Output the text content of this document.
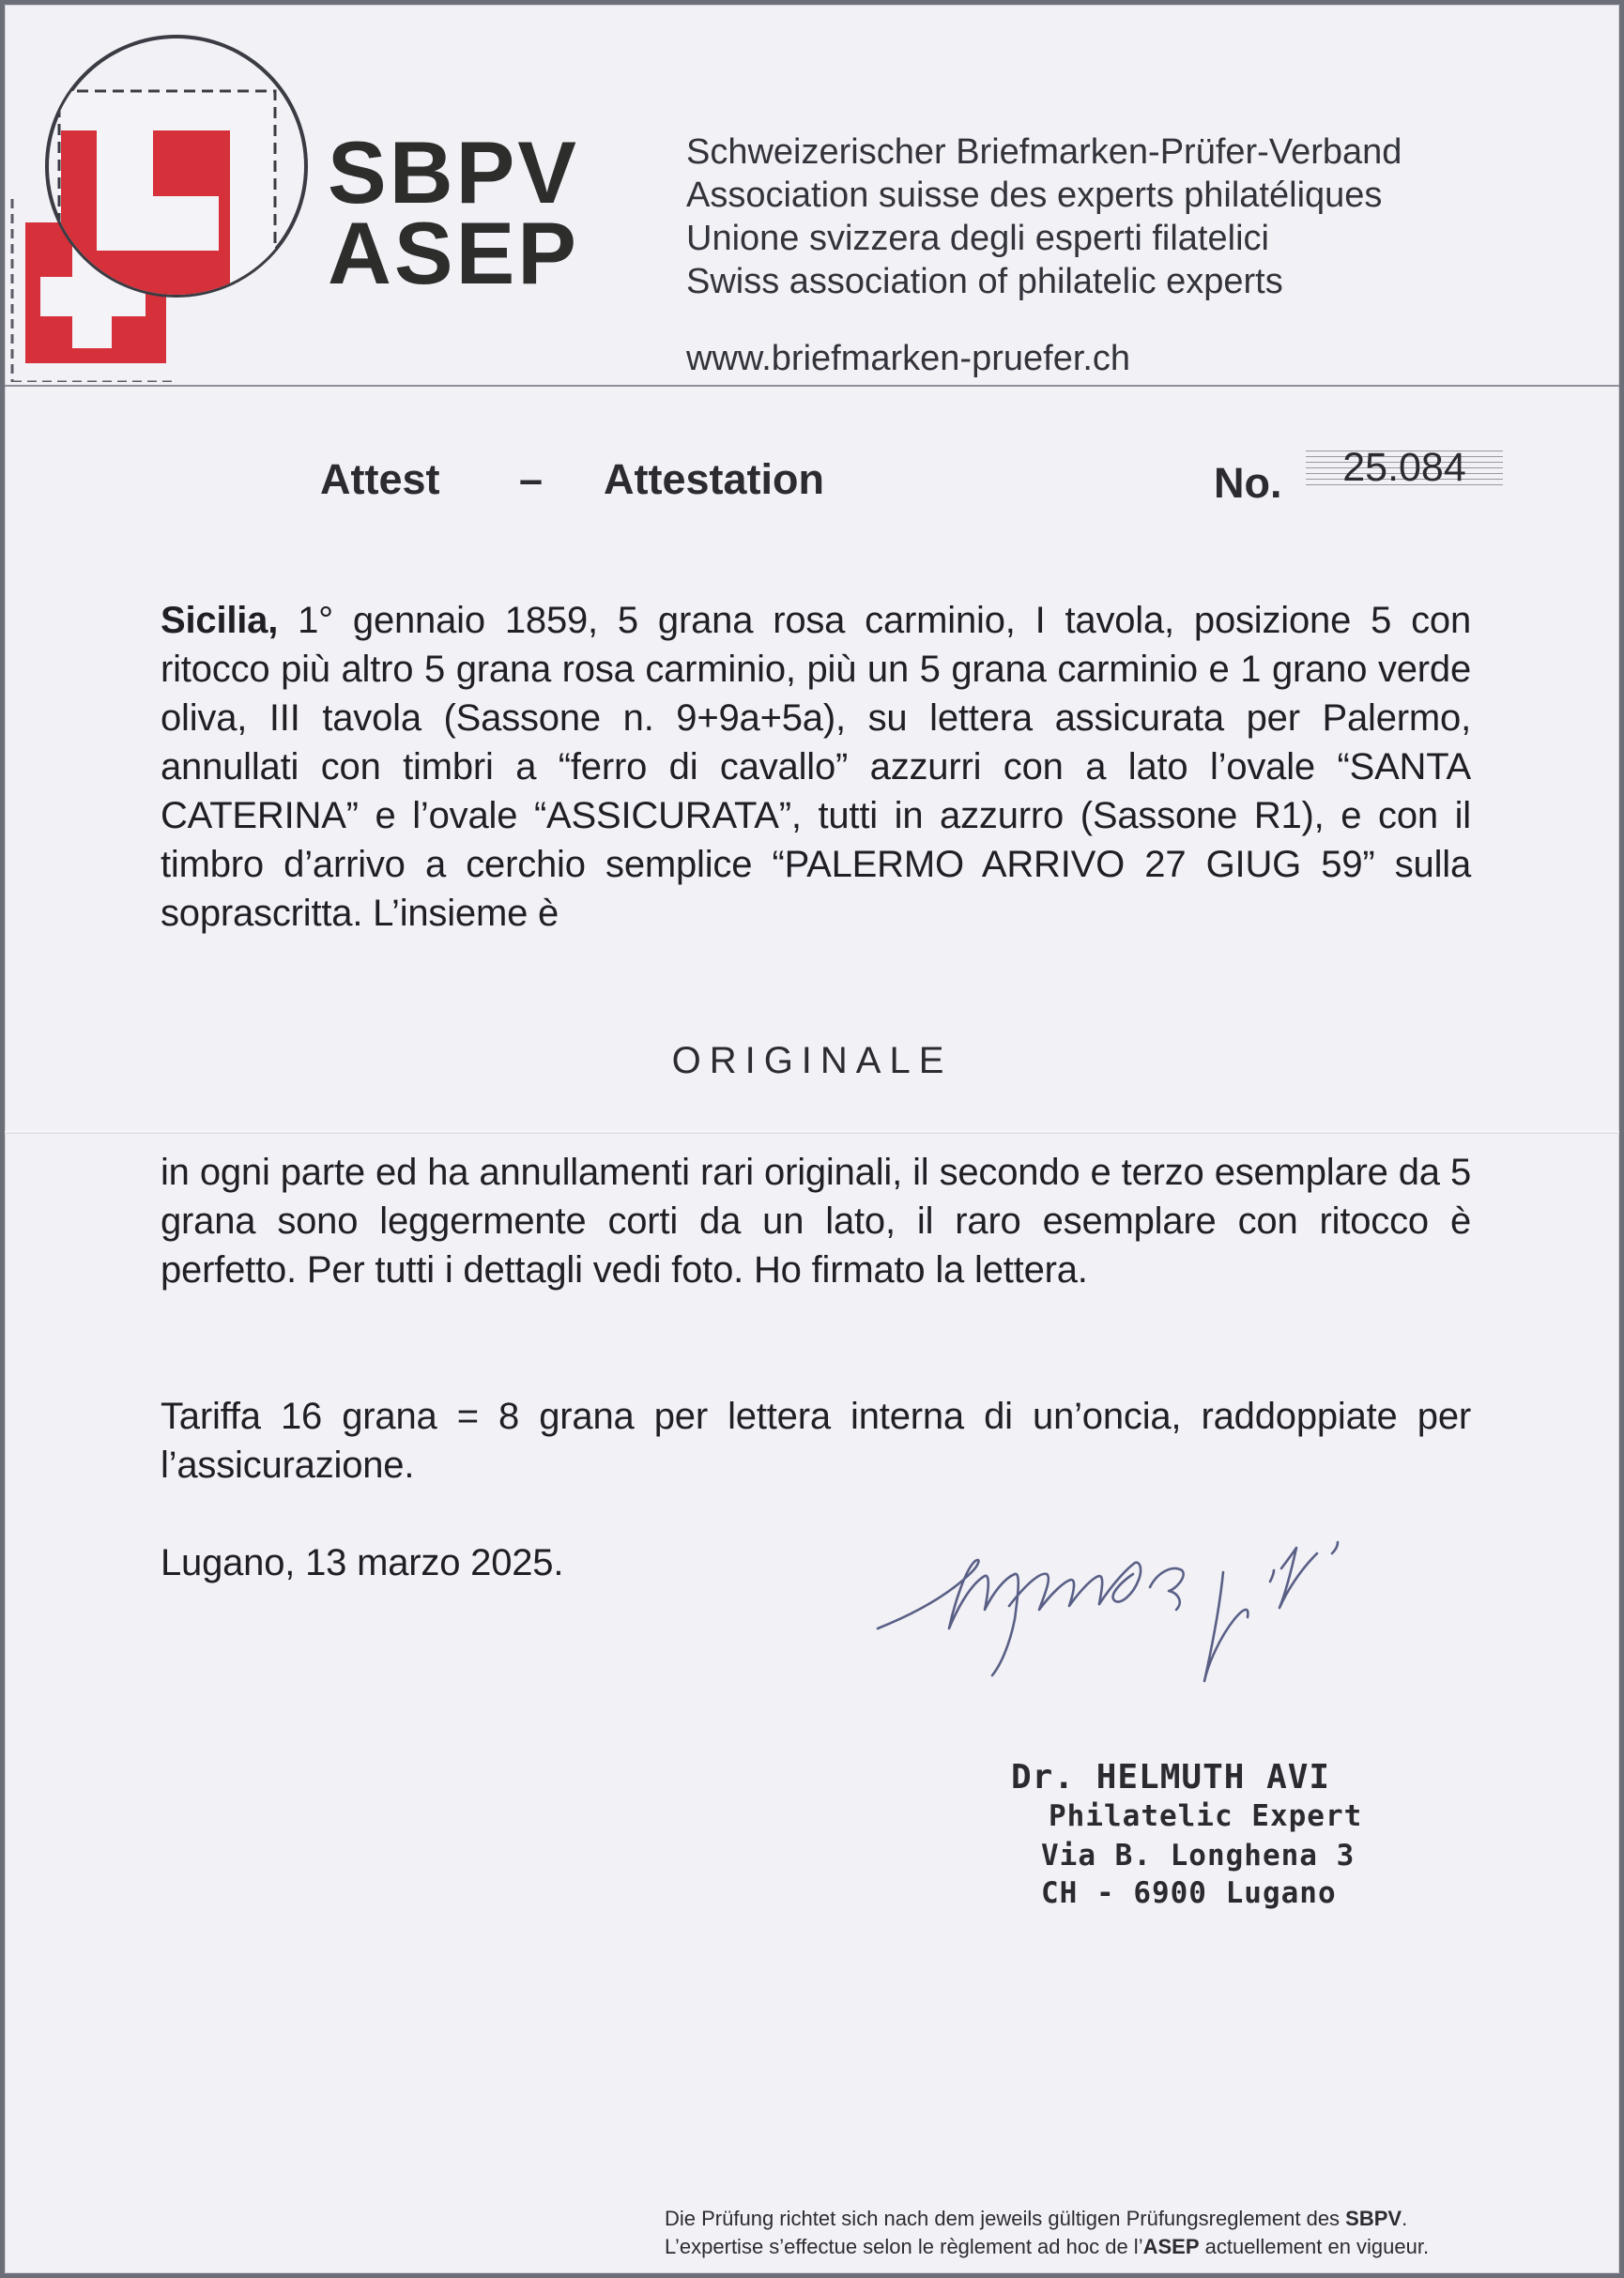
SBPV
ASEP
Schweizerischer Briefmarken-Prüfer-Verband
Association suisse des experts philatéliques
Unione svizzera degli esperti filatelici
Swiss association of philatelic experts
www.briefmarken-pruefer.ch
Attest – Attestation	No.	25.084
Sicilia, 1° gennaio 1859, 5 grana rosa carminio, I tavola, posizione 5 con ritocco più altro 5 grana rosa carminio, più un 5 grana carminio e 1 grano verde oliva, III tavola (Sassone n. 9+9a+5a), su lettera assicurata per Palermo, annullati con timbri a “ferro di cavallo” azzurri con a lato l’ovale “SANTA CATERINA” e l’ovale “ASSICURATA”, tutti in azzurro (Sassone R1), e con il timbro d’arrivo a cerchio semplice “PALERMO ARRIVO 27 GIUG 59” sulla soprascritta. L’insieme è
ORIGINALE
in ogni parte ed ha annullamenti rari originali, il secondo e terzo esemplare da 5 grana sono leggermente corti da un lato, il raro esemplare con ritocco è perfetto. Per tutti i dettagli vedi foto. Ho firmato la lettera.
Tariffa 16 grana = 8 grana per lettera interna di un’oncia, raddoppiate per l’assicurazione.
Lugano, 13 marzo 2025.
Dr. HELMUTH AVI
Philatelic Expert
Via B. Longhena 3
CH - 6900 Lugano
Die Prüfung richtet sich nach dem jeweils gültigen Prüfungsreglement des SBPV.
L’expertise s’effectue selon le règlement ad hoc de l’ASEP actuellement en vigueur.
